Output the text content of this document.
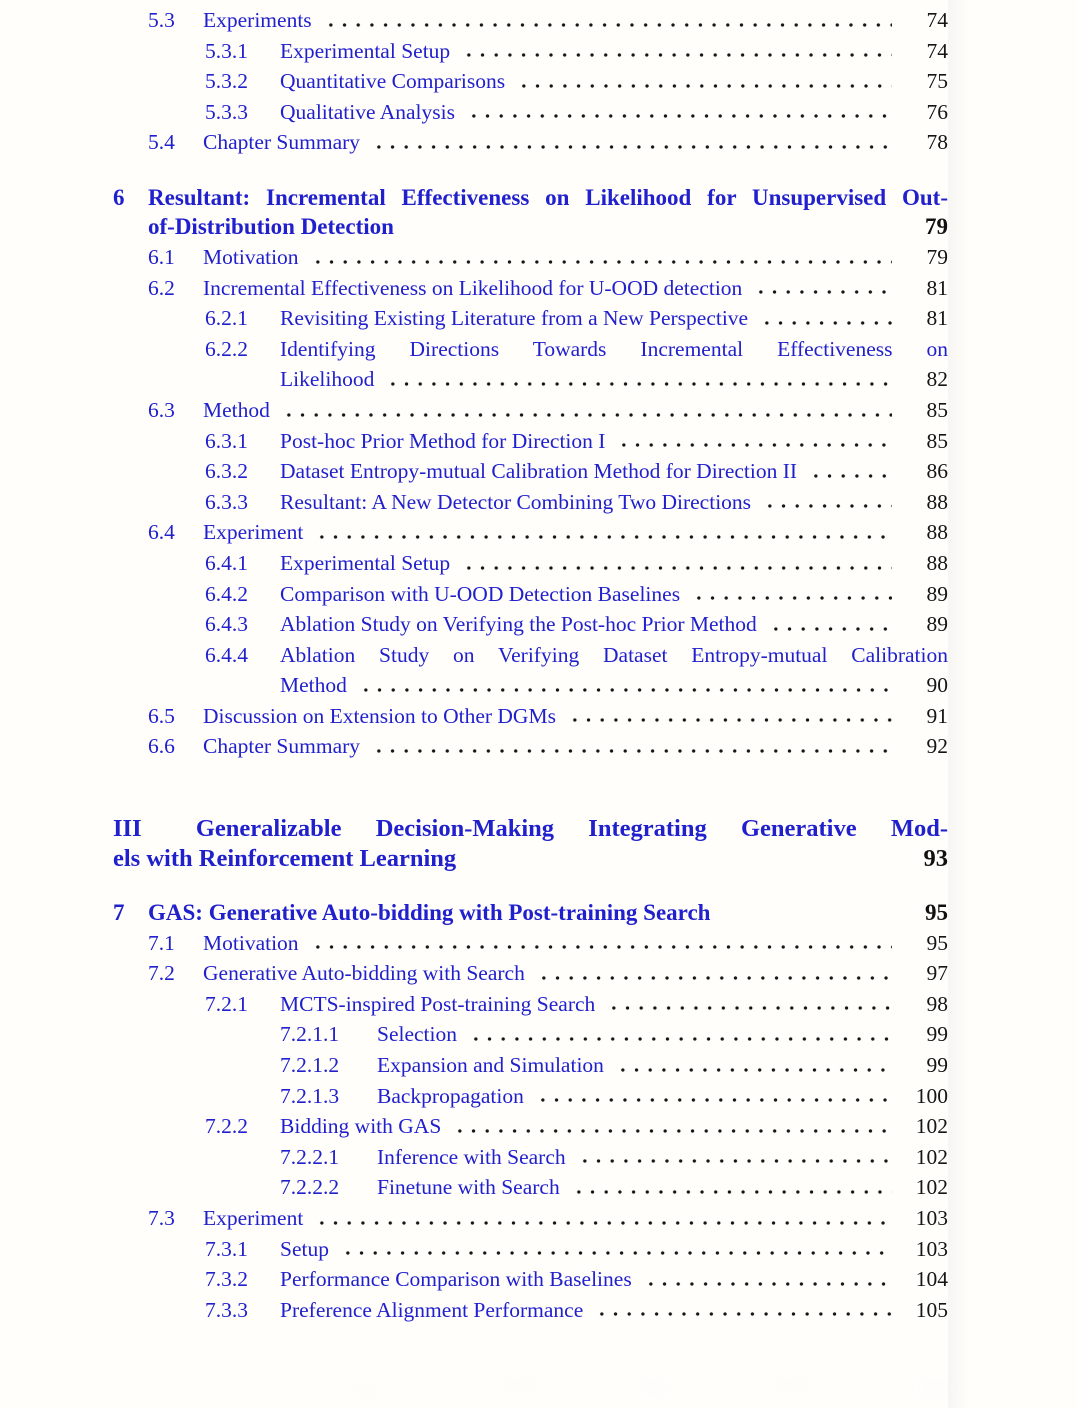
5.3	Experiments	74
5.3.1	Experimental Setup	74
5.3.2	Quantitative Comparisons	75
5.3.3	Qualitative Analysis	76
5.4	Chapter Summary	78
6	Resultant: Incremental Effectiveness on Likelihood for Unsupervised Out-
of-Distribution Detection	79
6.1	Motivation	79
6.2	Incremental Effectiveness on Likelihood for U-OOD detection	81
6.2.1	Revisiting Existing Literature from a New Perspective	81
6.2.2	Identifying Directions Towards Incremental Effectiveness on
Likelihood	82
6.3	Method	85
6.3.1	Post-hoc Prior Method for Direction I	85
6.3.2	Dataset Entropy-mutual Calibration Method for Direction II	86
6.3.3	Resultant: A New Detector Combining Two Directions	88
6.4	Experiment	88
6.4.1	Experimental Setup	88
6.4.2	Comparison with U-OOD Detection Baselines	89
6.4.3	Ablation Study on Verifying the Post-hoc Prior Method	89
6.4.4	Ablation Study on Verifying Dataset Entropy-mutual Calibration
Method	90
6.5	Discussion on Extension to Other DGMs	91
6.6	Chapter Summary	92
III Generalizable Decision-Making Integrating Generative Mod-
els with Reinforcement Learning	93
7	GAS: Generative Auto-bidding with Post-training Search	95
7.1	Motivation	95
7.2	Generative Auto-bidding with Search	97
7.2.1	MCTS-inspired Post-training Search	98
7.2.1.1	Selection	99
7.2.1.2	Expansion and Simulation	99
7.2.1.3	Backpropagation	100
7.2.2	Bidding with GAS	102
7.2.2.1	Inference with Search	102
7.2.2.2	Finetune with Search	102
7.3	Experiment	103
7.3.1	Setup	103
7.3.2	Performance Comparison with Baselines	104
7.3.3	Preference Alignment Performance	105
